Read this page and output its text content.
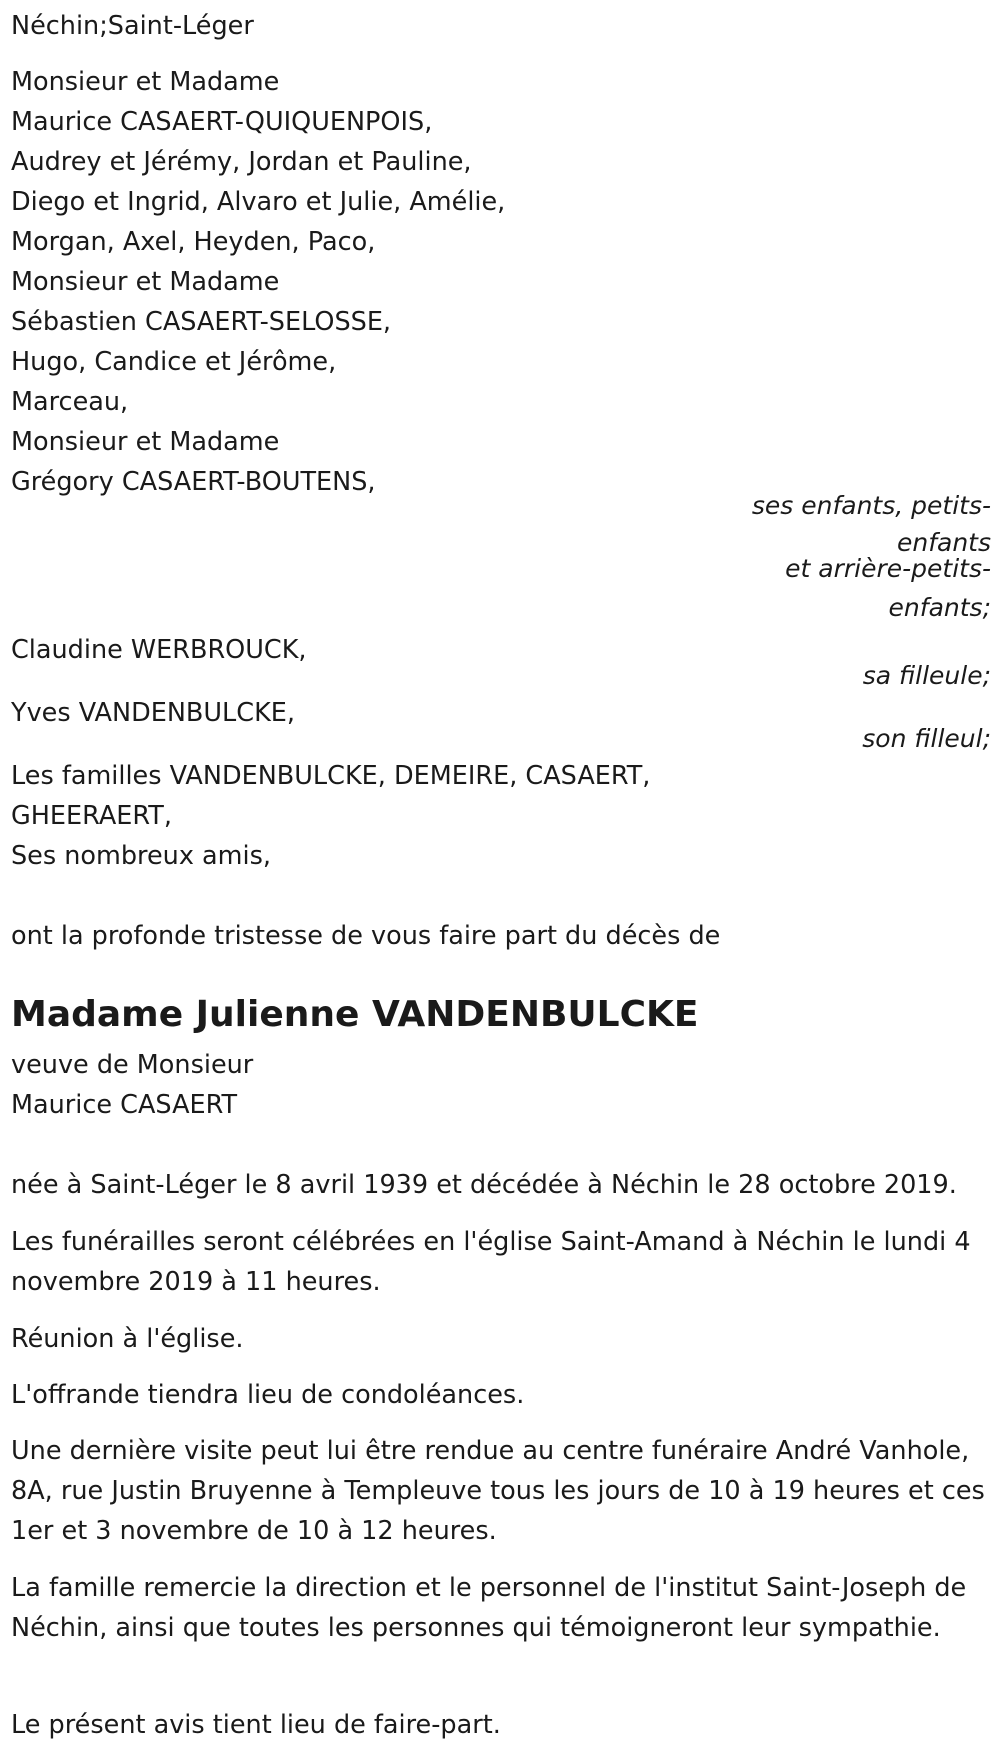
Néchin;Saint-Léger
Monsieur et Madame
Maurice CASAERT-QUIQUENPOIS,
Audrey et Jérémy, Jordan et Pauline,
Diego et Ingrid, Alvaro et Julie, Amélie,
Morgan, Axel, Heyden, Paco,
Monsieur et Madame
Sébastien CASAERT-SELOSSE,
Hugo, Candice et Jérôme,
Marceau,
Monsieur et Madame
Grégory CASAERT-BOUTENS,
ses enfants, petits-
enfants
et arrière-petits-
enfants;
Claudine WERBROUCK,
sa filleule;
Yves VANDENBULCKE,
son filleul;
Les familles VANDENBULCKE, DEMEIRE, CASAERT,
GHEERAERT,
Ses nombreux amis,
ont la profonde tristesse de vous faire part du décès de
Madame Julienne VANDENBULCKE
veuve de Monsieur
Maurice CASAERT
née à Saint-Léger le 8 avril 1939 et décédée à Néchin le 28 octobre 2019.
Les funérailles seront célébrées en l'église Saint-Amand à Néchin le lundi 4 novembre 2019 à 11 heures.
Réunion à l'église.
L'offrande tiendra lieu de condoléances.
Une dernière visite peut lui être rendue au centre funéraire André Vanhole, 8A, rue Justin Bruyenne à Templeuve tous les jours de 10 à 19 heures et ces 1er et 3 novembre de 10 à 12 heures.
La famille remercie la direction et le personnel de l'institut Saint-Joseph de Néchin, ainsi que toutes les personnes qui témoigneront leur sympathie.
Le présent avis tient lieu de faire-part.
